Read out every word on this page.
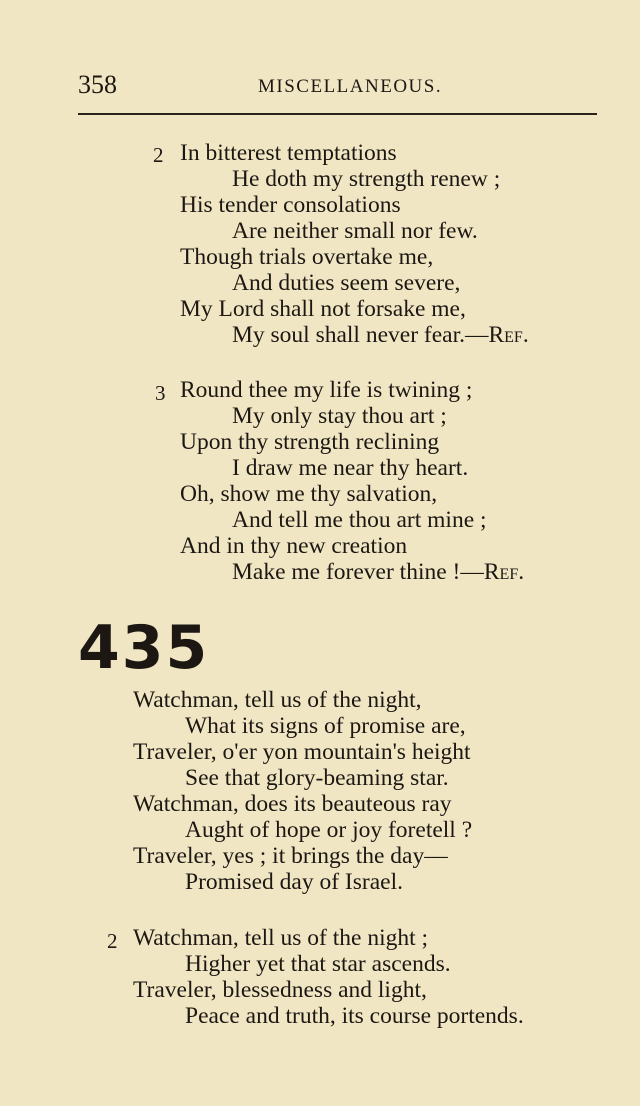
358	MISCELLANEOUS.
2 In bitterest temptations
He doth my strength renew ;
His tender consolations
Are neither small nor few.
Though trials overtake me,
And duties seem severe,
My Lord shall not forsake me,
My soul shall never fear.—Ref.
3 Round thee my life is twining ;
My only stay thou art ;
Upon thy strength reclining
I draw me near thy heart.
Oh, show me thy salvation,
And tell me thou art mine ;
And in thy new creation
Make me forever thine !—Ref.
435
Watchman, tell us of the night,
What its signs of promise are,
Traveler, o'er yon mountain's height
See that glory-beaming star.
Watchman, does its beauteous ray
Aught of hope or joy foretell ?
Traveler, yes ; it brings the day—
Promised day of Israel.
2 Watchman, tell us of the night ;
Higher yet that star ascends.
Traveler, blessedness and light,
Peace and truth, its course portends.
